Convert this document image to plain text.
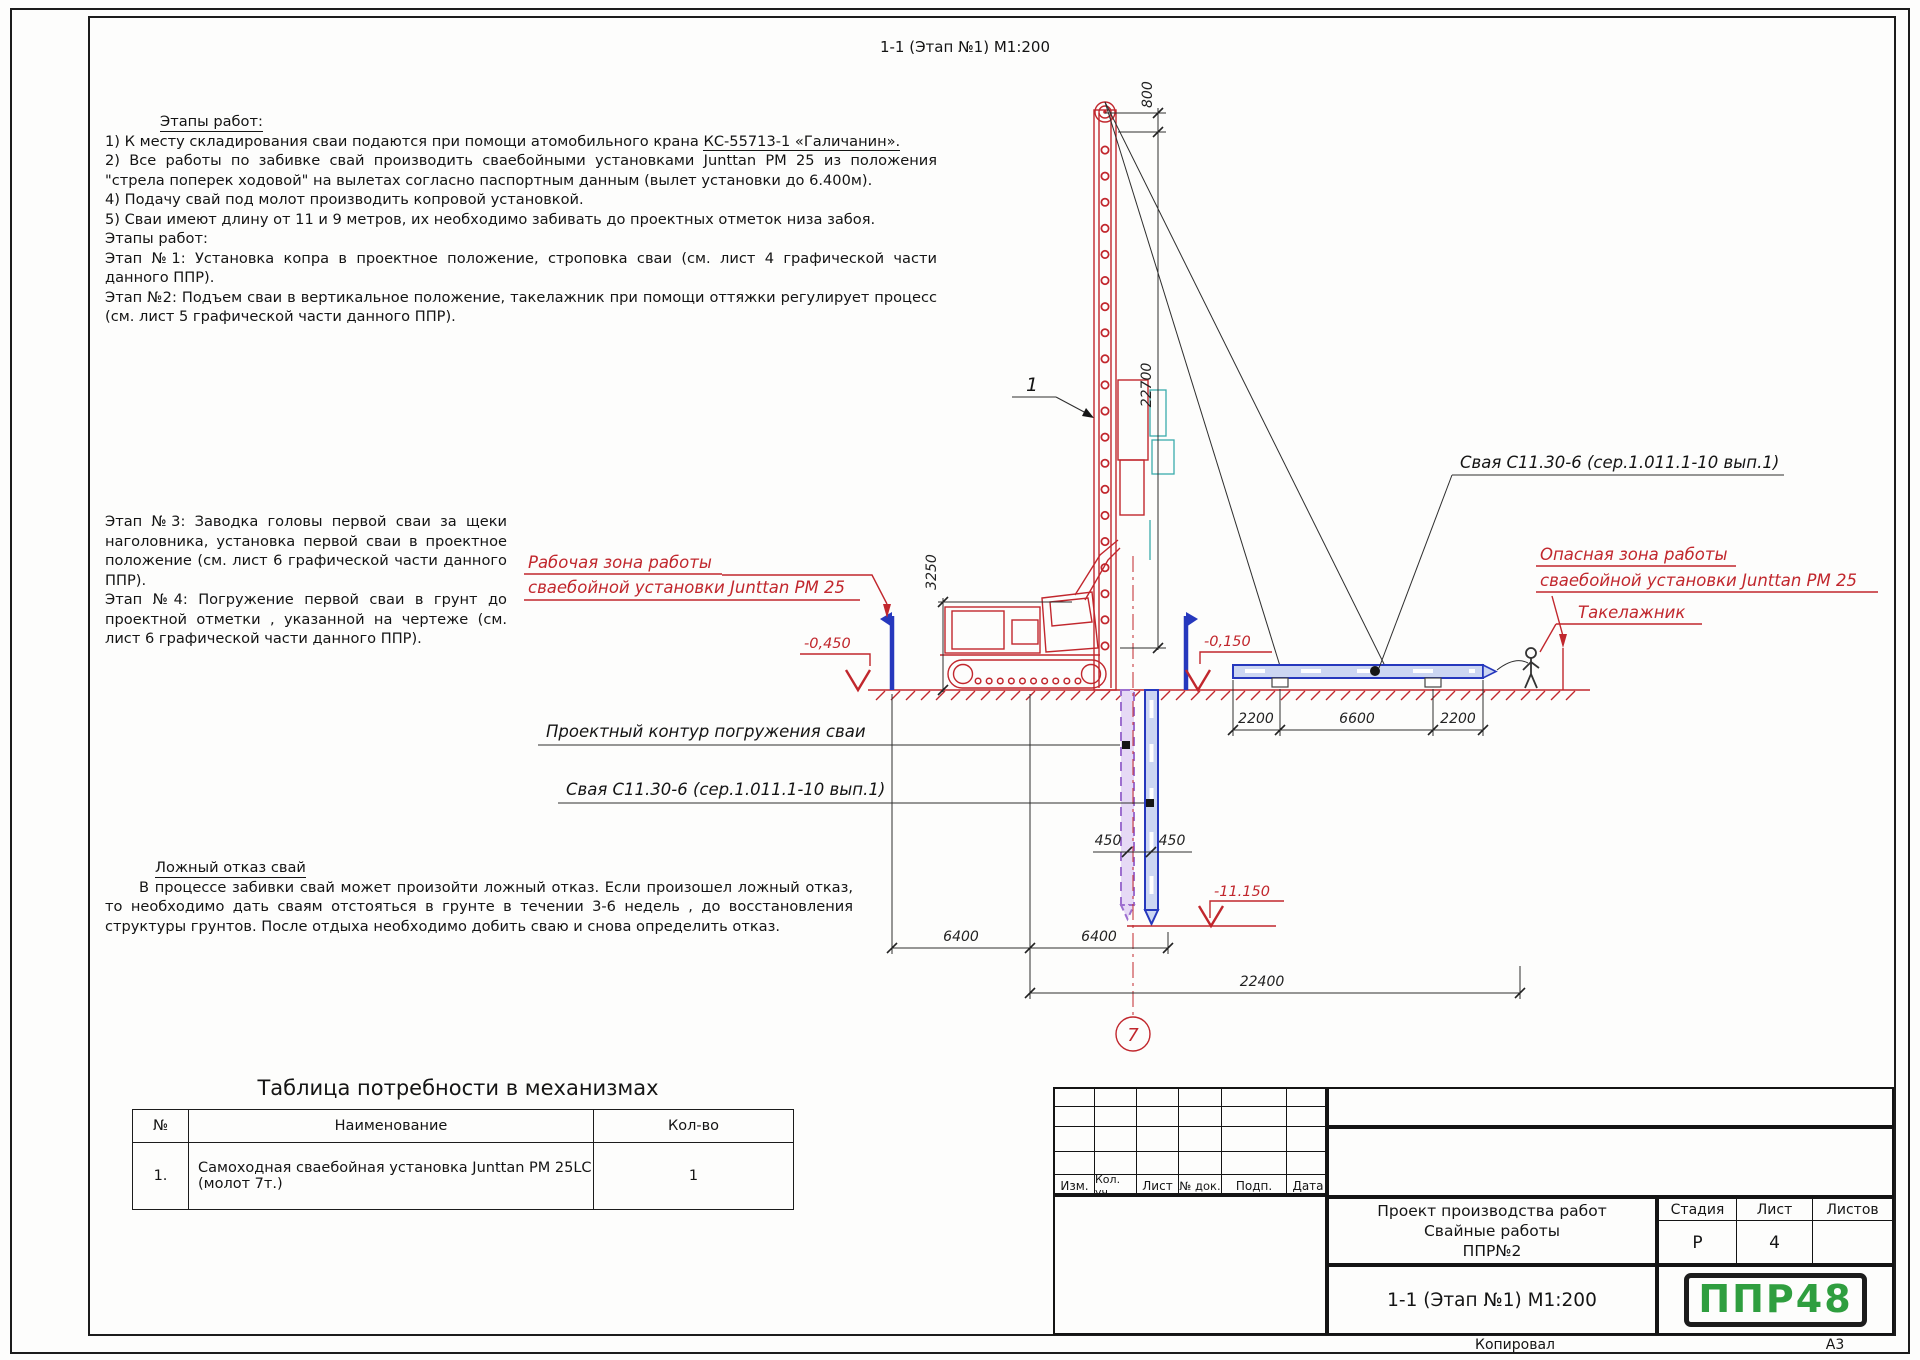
1-1 (Этап №1) М1:200

Этапы работ:

1) К месту складирования сваи подаются при помощи атомобильного крана КС-55713-1 «Галичанин».

2) Все работы по забивке свай производить сваебойными установками Junttan PM 25 из положения "стрела поперек ходовой" на вылетах согласно паспортным данным (вылет установки до 6.400м).

4) Подачу свай под молот производить копровой установкой.

5) Сваи имеют длину от 11 и 9 метров, их необходимо забивать до проектных отметок низа забоя.

Этапы работ:

Этап №1: Установка копра в проектное положение, строповка сваи (см. лист 4 графической части данного ППР).

Этап №2: Подъем сваи в вертикальное положение, такелажник при помощи оттяжки регулирует процесс (см. лист 5 графической части данного ППР).

Этап №3: Заводка головы первой сваи за щеки наголовника, установка первой сваи в проектное положение (см. лист 6 графической части данного ППР).

Этап №4: Погружение первой сваи в грунт до проектной отметки , указанной на чертеже (см. лист 6 графической части данного ППР).

Ложный отказ свай

В процессе забивки свай может произойти ложный отказ. Если произошел ложный отказ, то необходимо дать сваям отстояться в грунте в течении 3-6 недель , до восстановления структуры грунтов. После отдыха необходимо добить сваю и снова определить отказ.

Таблица потребности в механизмах
№	Наименование	Кол-во
1.	Самоходная сваебойная установка Junttan PM 25LC
(молот 7т.)	1
Изм. Кол. уч.	Лист № док.	Подп.	Дата
Проект производства работ
Свайные работы
ППР№2
Стадия	Лист	Листов
Р	4
1-1 (Этап №1) М1:200	ППР48
Копировал	А3
7
800
22700
3250
2200	6600	2200
450	450
6400	6400
22400
-0,450	-0,150
-11.150
Рабочая зона работы
сваебойной установки Junttan PM 25
Опасная зона работы
сваебойной установки Junttan PM 25
Такелажник
Свая С11.30-6 (сер.1.011.1-10 вып.1)
Проектный контур погружения сваи
Свая С11.30-6 (сер.1.011.1-10 вып.1)
1
